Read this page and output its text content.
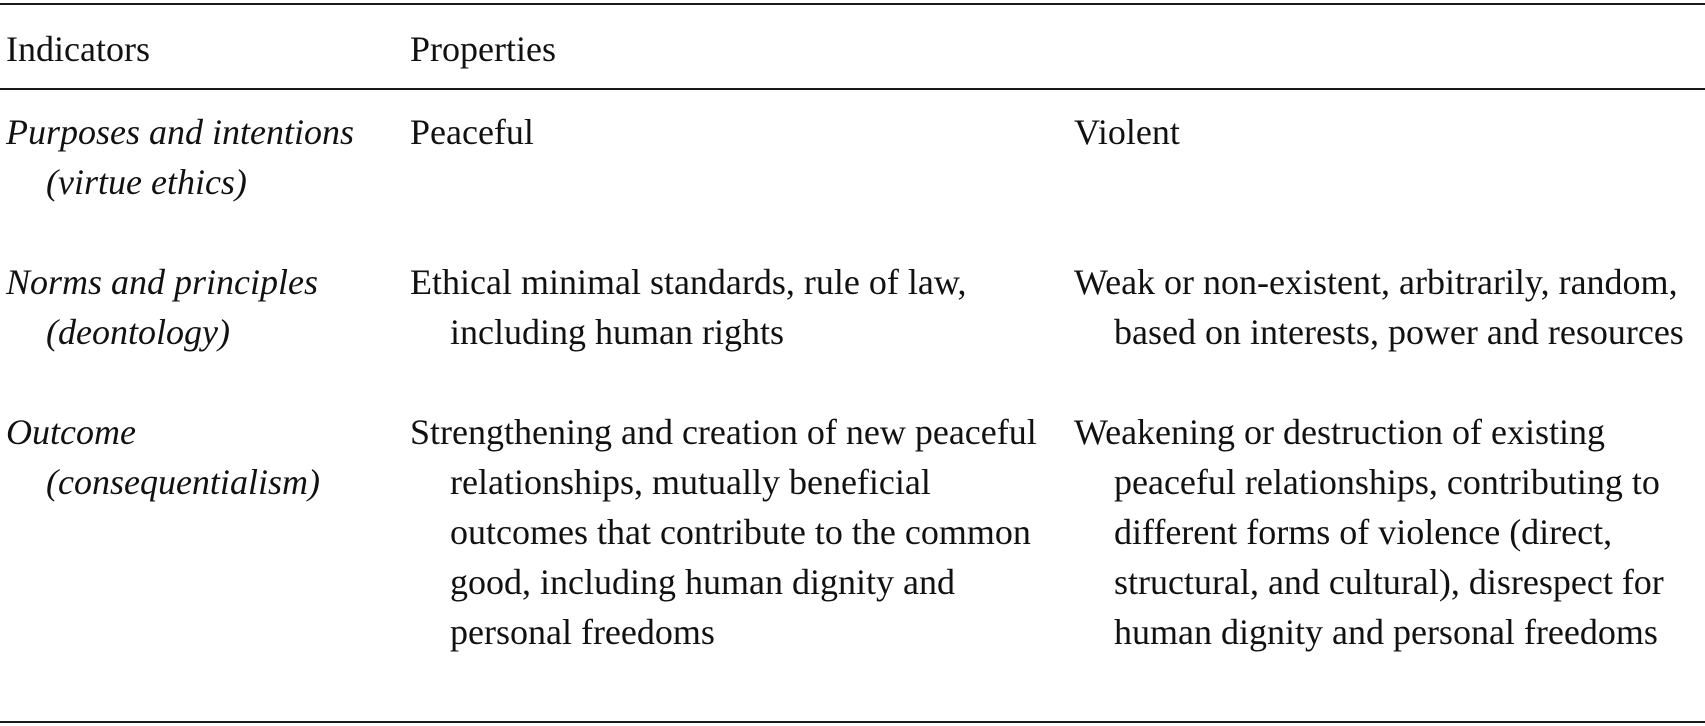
Indicators	Properties
Purposes and intentions (virtue ethics)
Peaceful	Violent
Norms and principles (deontology)
Ethical minimal standards, rule of law, including human rights
Weak or non-existent, arbitrarily, random, based on interests, power and resources
Outcome (consequentialism)
Strengthening and creation of new peaceful relationships, mutually beneficial outcomes that contribute to the common good, including human dignity and personal freedoms
Weakening or destruction of existing peaceful relationships, contributing to different forms of violence (direct, structural, and cultural), disrespect for human dignity and personal freedoms
